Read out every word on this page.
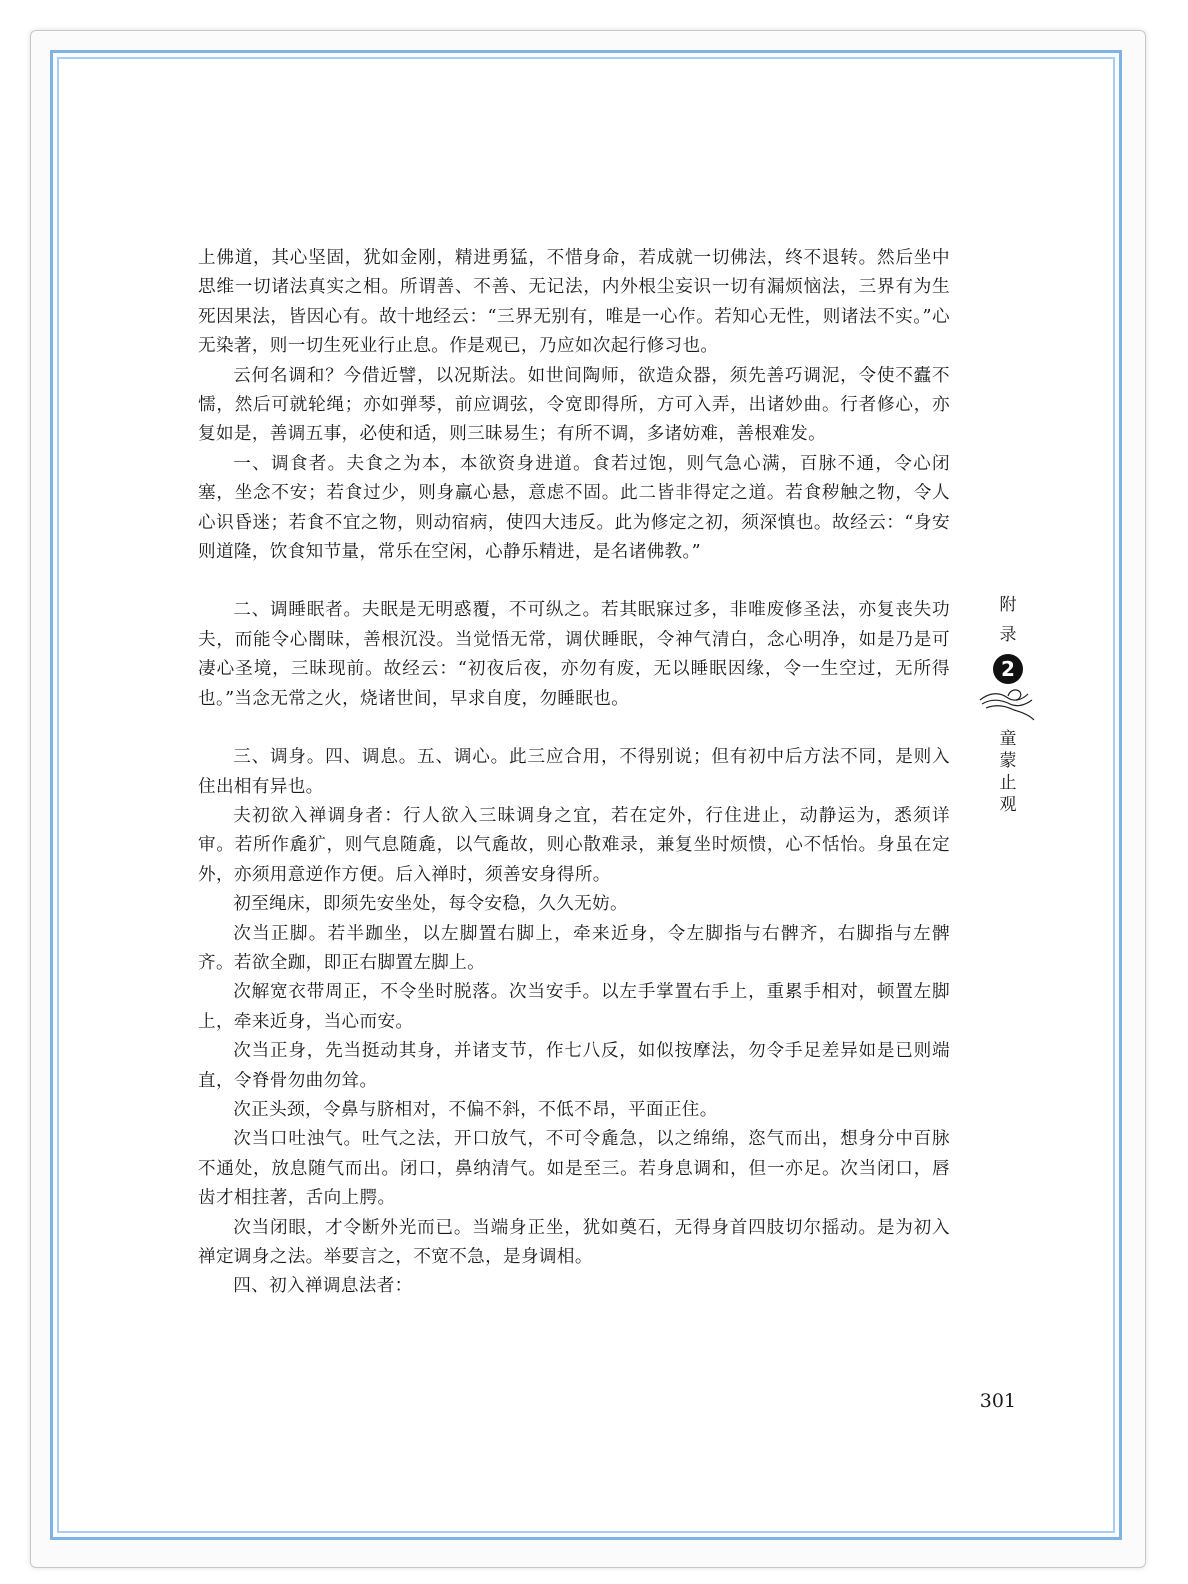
上佛道，其心坚固，犹如金刚，精进勇猛，不惜身命，若成就一切佛法，终不退转。然后坐中思维一切诸法真实之相。所谓善、不善、无记法，内外根尘妄识一切有漏烦恼法，三界有为生死因果法，皆因心有。故十地经云：“三界无别有，唯是一心作。若知心无性，则诸法不实。”心无染著，则一切生死业行止息。作是观已，乃应如次起行修习也。

云何名调和？今借近譬，以况斯法。如世间陶师，欲造众器，须先善巧调泥，令使不蠹不懦，然后可就轮绳；亦如弹琴，前应调弦，令宽即得所，方可入弄，出诸妙曲。行者修心，亦复如是，善调五事，必使和适，则三昧易生；有所不调，多诸妨难，善根难发。

一、调食者。夫食之为本，本欲资身进道。食若过饱，则气急心满，百脉不通，令心闭塞，坐念不安；若食过少，则身羸心悬，意虑不固。此二皆非得定之道。若食秽触之物，令人心识昏迷；若食不宜之物，则动宿病，使四大违反。此为修定之初，须深慎也。故经云：“身安则道隆，饮食知节量，常乐在空闲，心静乐精进，是名诸佛教。”

二、调睡眠者。夫眠是无明惑覆，不可纵之。若其眠寐过多，非唯废修圣法，亦复丧失功夫，而能令心闇昧，善根沉没。当觉悟无常，调伏睡眠，令神气清白，念心明净，如是乃是可凄心圣境，三昧现前。故经云：“初夜后夜，亦勿有废，无以睡眠因缘，令一生空过，无所得也。”当念无常之火，烧诸世间，早求自度，勿睡眠也。

三、调身。四、调息。五、调心。此三应合用，不得别说；但有初中后方法不同，是则入住出相有异也。

夫初欲入禅调身者：行人欲入三昧调身之宜，若在定外，行住进止，动静运为，悉须详审。若所作麁犷，则气息随麁，以气麁故，则心散难录，兼复坐时烦愦，心不恬怡。身虽在定外，亦须用意逆作方便。后入禅时，须善安身得所。

初至绳床，即须先安坐处，每令安稳，久久无妨。

次当正脚。若半跏坐，以左脚置右脚上，牵来近身，令左脚指与右髀齐，右脚指与左髀齐。若欲全跏，即正右脚置左脚上。

次解宽衣带周正，不令坐时脱落。次当安手。以左手掌置右手上，重累手相对，顿置左脚上，牵来近身，当心而安。

次当正身，先当挺动其身，并诸支节，作七八反，如似按摩法，勿令手足差异如是已则端直，令脊骨勿曲勿耸。

次正头颈，令鼻与脐相对，不偏不斜，不低不昂，平面正住。

次当口吐浊气。吐气之法，开口放气，不可令麁急，以之绵绵，恣气而出，想身分中百脉不通处，放息随气而出。闭口，鼻纳清气。如是至三。若身息调和，但一亦足。次当闭口，唇齿才相拄著，舌向上腭。

次当闭眼，才令断外光而已。当端身正坐，犹如奠石，无得身首四肢切尔摇动。是为初入禅定调身之法。举要言之，不宽不急，是身调相。

四、初入禅调息法者：

附
录
2
童
蒙
止
观
301
